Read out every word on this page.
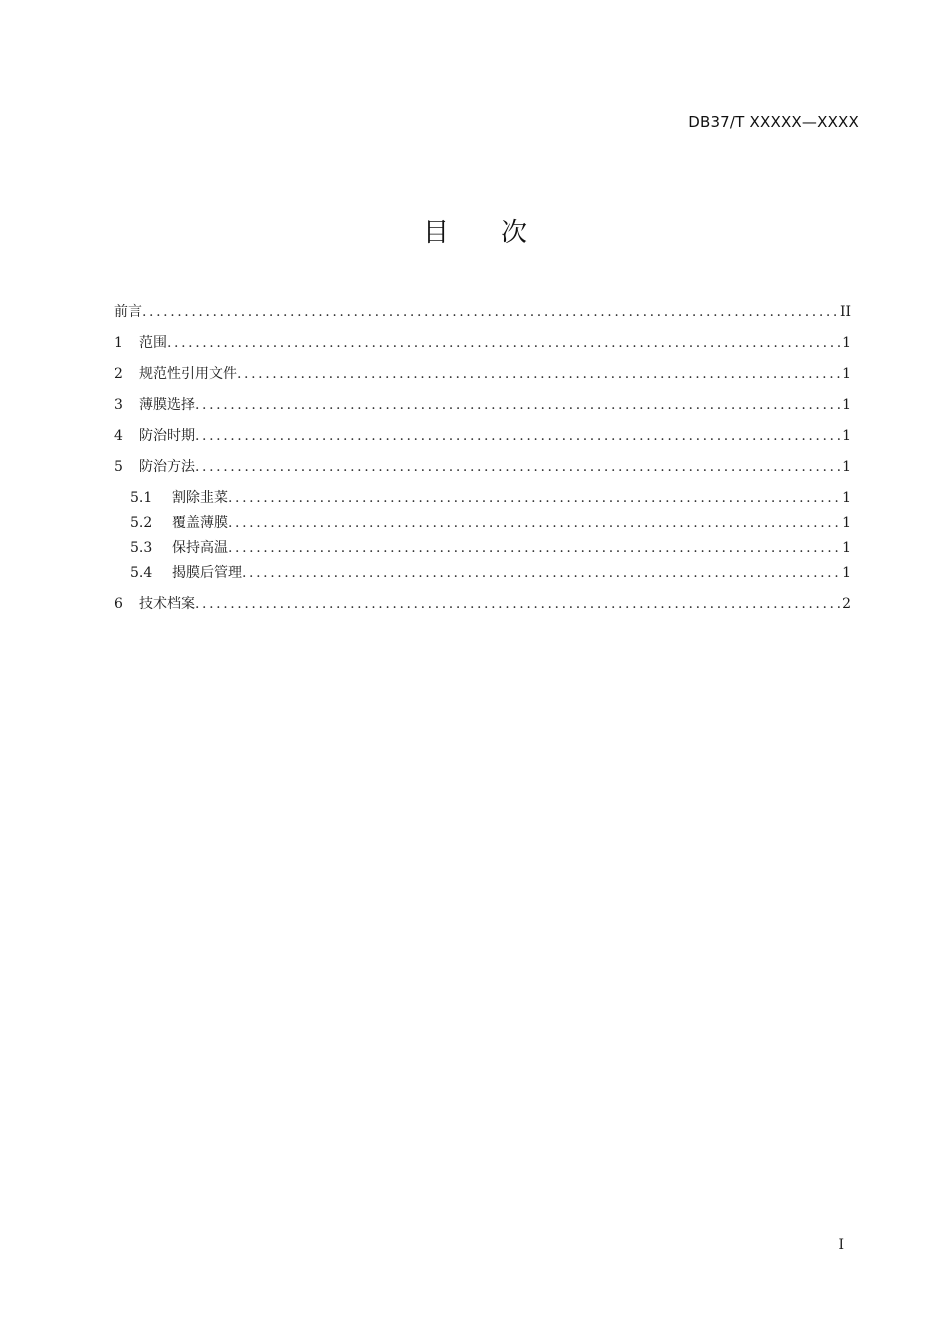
DB37/T XXXXX—XXXX
目 次
前言 .....	II
1	范围 .....	1
2	规范性引用文件 .....	1
3	薄膜选择 .....	1
4	防治时期 .....	1
5	防治方法 .....	1
5.1	割除韭菜 .....	1
5.2	覆盖薄膜 .....	1
5.3	保持高温 .....	1
5.4	揭膜后管理 .....	1
6	技术档案 .....	2
I
